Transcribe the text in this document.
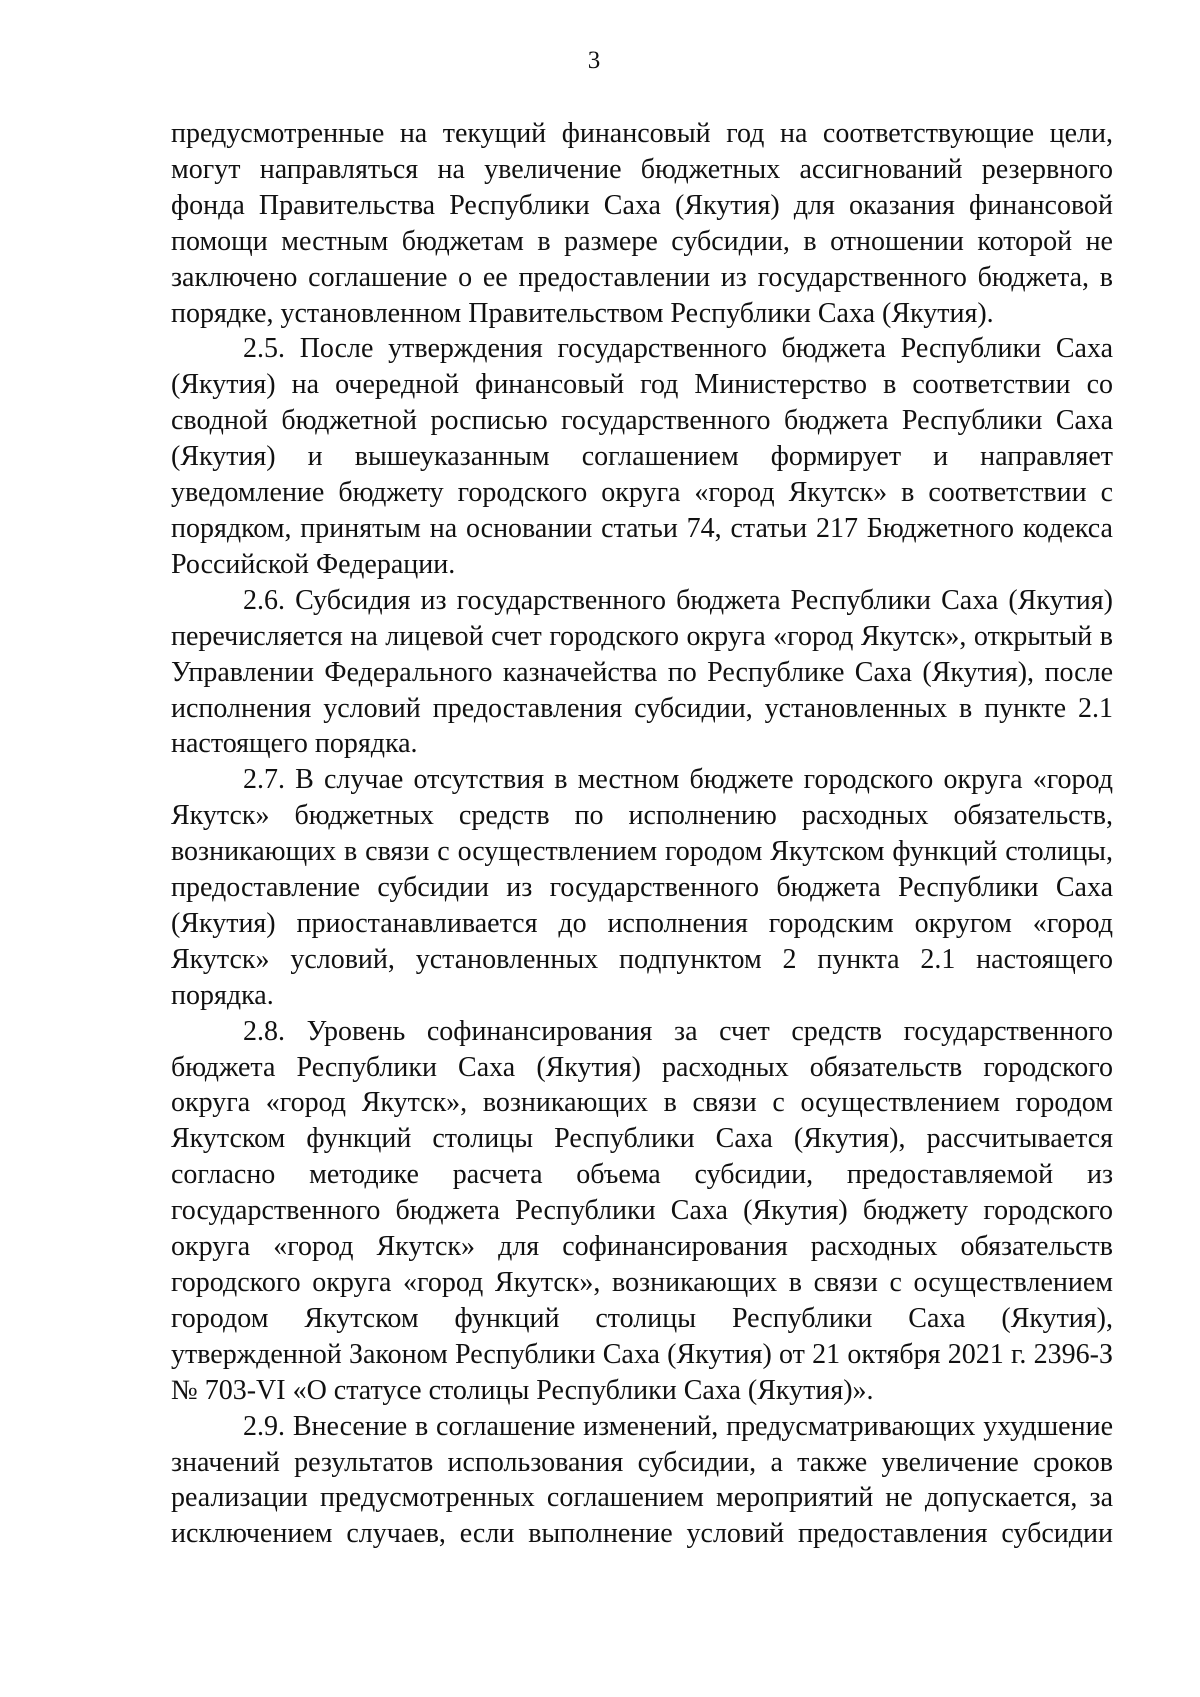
3

предусмотренные на текущий финансовый год на соответствующие цели, могут направляться на увеличение бюджетных ассигнований резервного фонда Правительства Республики Саха (Якутия) для оказания финансовой помощи местным бюджетам в размере субсидии, в отношении которой не заключено соглашение о ее предоставлении из государственного бюджета, в порядке, установленном Правительством Республики Саха (Якутия).

2.5. После утверждения государственного бюджета Республики Саха (Якутия) на очередной финансовый год Министерство в соответствии со сводной бюджетной росписью государственного бюджета Республики Саха (Якутия) и вышеуказанным соглашением формирует и направляет уведомление бюджету городского округа «город Якутск» в соответствии с порядком, принятым на основании статьи 74, статьи 217 Бюджетного кодекса Российской Федерации.

2.6. Субсидия из государственного бюджета Республики Саха (Якутия) перечисляется на лицевой счет городского округа «город Якутск», открытый в Управлении Федерального казначейства по Республике Саха (Якутия), после исполнения условий предоставления субсидии, установленных в пункте 2.1 настоящего порядка.

2.7. В случае отсутствия в местном бюджете городского округа «город Якутск» бюджетных средств по исполнению расходных обязательств, возникающих в связи с осуществлением городом Якутском функций столицы, предоставление субсидии из государственного бюджета Республики Саха (Якутия) приостанавливается до исполнения городским округом «город Якутск» условий, установленных подпунктом 2 пункта 2.1 настоящего порядка.

2.8. Уровень софинансирования за счет средств государственного бюджета Республики Саха (Якутия) расходных обязательств городского округа «город Якутск», возникающих в связи с осуществлением городом Якутском функций столицы Республики Саха (Якутия), рассчитывается согласно методике расчета объема субсидии, предоставляемой из государственного бюджета Республики Саха (Якутия) бюджету городского округа «город Якутск» для софинансирования расходных обязательств городского округа «город Якутск», возникающих в связи с осуществлением городом Якутском функций столицы Республики Саха (Якутия), утвержденной Законом Республики Саха (Якутия) от 21 октября 2021 г. 2396-З № 703-VI «О статусе столицы Республики Саха (Якутия)».

2.9. Внесение в соглашение изменений, предусматривающих ухудшение значений результатов использования субсидии, а также увеличение сроков реализации предусмотренных соглашением мероприятий не допускается, за исключением случаев, если выполнение условий предоставления субсидии
